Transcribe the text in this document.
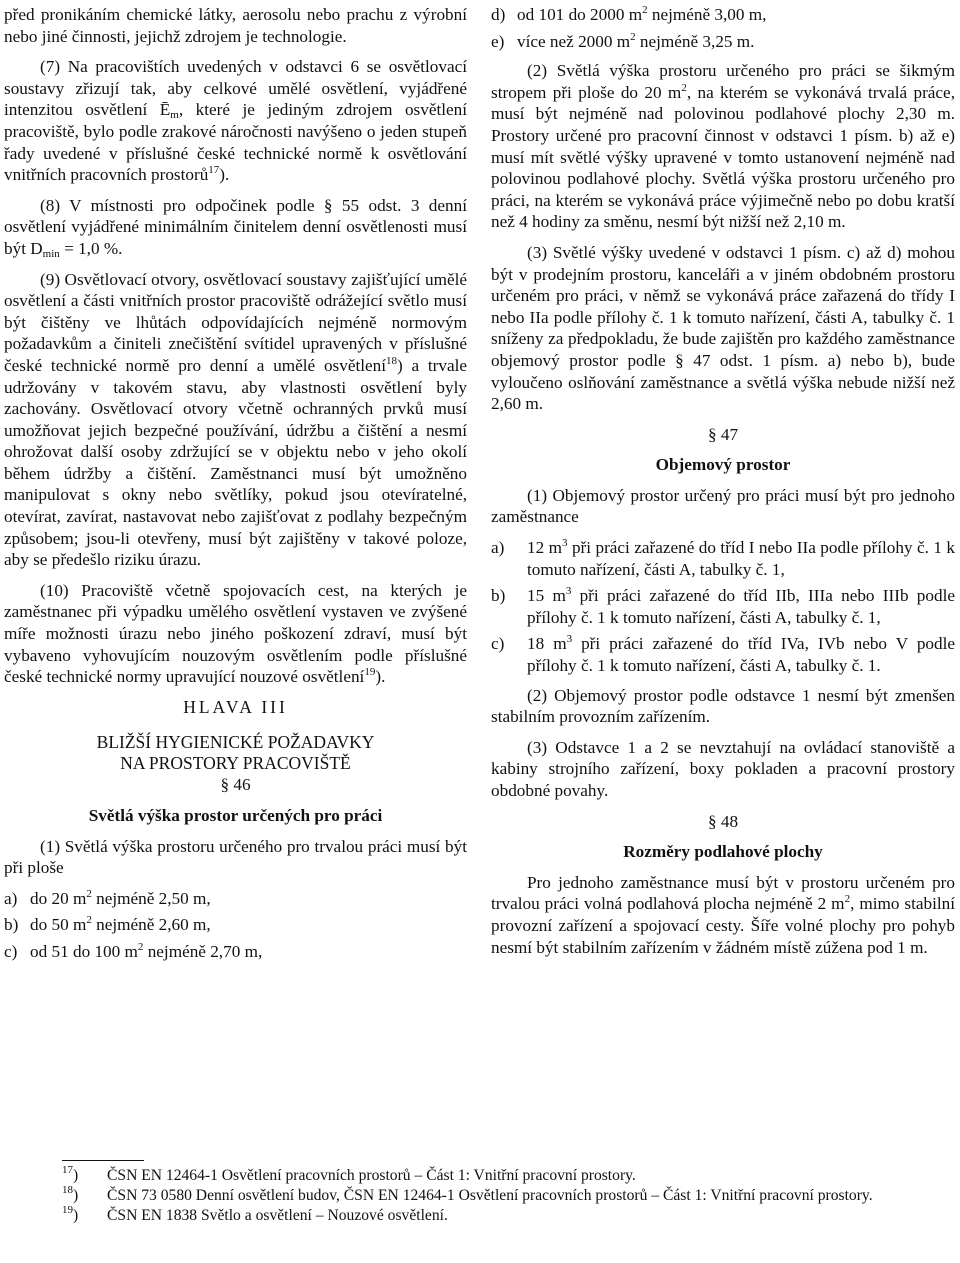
před pronikáním chemické látky, aerosolu nebo prachu z výrobní nebo jiné činnosti, jejichž zdrojem je technologie.

(7) Na pracovištích uvedených v odstavci 6 se osvětlovací soustavy zřizují tak, aby celkové umělé osvětlení, vyjádřené intenzitou osvětlení $Ē_m$, které je jediným zdrojem osvětlení pracoviště, bylo podle zrakové náročnosti navýšeno o jeden stupeň řady uvedené v příslušné české technické normě k osvětlování vnitřních pracovních prostorů$^{17}$).

(8) V místnosti pro odpočinek podle § 55 odst. 3 denní osvětlení vyjádřené minimálním činitelem denní osvětlenosti musí být $D_{min} = 1,0$ %.

(9) Osvětlovací otvory, osvětlovací soustavy zajišťující umělé osvětlení a části vnitřních prostor pracoviště odrážející světlo musí být čištěny ve lhůtách odpovídajících nejméně normovým požadavkům a činiteli znečištění svítidel upravených v příslušné české technické normě pro denní a umělé osvětlení$^{18}$) a trvale udržovány v takovém stavu, aby vlastnosti osvětlení byly zachovány. Osvětlovací otvory včetně ochranných prvků musí umožňovat jejich bezpečné používání, údržbu a čištění a nesmí ohrožovat další osoby zdržující se v objektu nebo v jeho okolí během údržby a čištění. Zaměstnanci musí být umožněno manipulovat s okny nebo světlíky, pokud jsou otevíratelné, otevírat, zavírat, nastavovat nebo zajišťovat z podlahy bezpečným způsobem; jsou-li otevřeny, musí být zajištěny v takové poloze, aby se předešlo riziku úrazu.

(10) Pracoviště včetně spojovacích cest, na kterých je zaměstnanec při výpadku umělého osvětlení vystaven ve zvýšené míře možnosti úrazu nebo jiného poškození zdraví, musí být vybaveno vyhovujícím nouzovým osvětlením podle příslušné české technické normy upravující nouzové osvětlení$^{19}$).

HLAVA III

BLIŽŠÍ HYGIENICKÉ POŽADAVKY
NA PROSTORY PRACOVIŠTĚ

§ 46

Světlá výška prostor určených pro práci

(1) Světlá výška prostoru určeného pro trvalou práci musí být při ploše

a) do 20 $m^2$ nejméně 2,50 m,
b) do 50 $m^2$ nejméně 2,60 m,
c) od 51 do 100 $m^2$ nejméně 2,70 m,
d) od 101 do 2000 $m^2$ nejméně 3,00 m,
e) více než 2000 $m^2$ nejméně 3,25 m.

(2) Světlá výška prostoru určeného pro práci se šikmým stropem při ploše do 20 $m^2$, na kterém se vykonává trvalá práce, musí být nejméně nad polovinou podlahové plochy 2,30 m. Prostory určené pro pracovní činnost v odstavci 1 písm. b) až e) musí mít světlé výšky upravené v tomto ustanovení nejméně nad polovinou podlahové plochy. Světlá výška prostoru určeného pro práci, na kterém se vykonává práce výjimečně nebo po dobu kratší než 4 hodiny za směnu, nesmí být nižší než 2,10 m.

(3) Světlé výšky uvedené v odstavci 1 písm. c) až d) mohou být v prodejním prostoru, kanceláři a v jiném obdobném prostoru určeném pro práci, v němž se vykonává práce zařazená do třídy I nebo IIa podle přílohy č. 1 k tomuto nařízení, části A, tabulky č. 1 sníženy za předpokladu, že bude zajištěn pro každého zaměstnance objemový prostor podle § 47 odst. 1 písm. a) nebo b), bude vyloučeno oslňování zaměstnance a světlá výška nebude nižší než 2,60 m.

§ 47

Objemový prostor

(1) Objemový prostor určený pro práci musí být pro jednoho zaměstnance

a)	12 $m^3$ při práci zařazené do tříd I nebo IIa podle přílohy č. 1 k tomuto nařízení, části A, tabulky č. 1,
b)	15 $m^3$ při práci zařazené do tříd IIb, IIIa nebo IIIb podle přílohy č. 1 k tomuto nařízení, části A, tabulky č. 1,
c)	18 $m^3$ při práci zařazené do tříd IVa, IVb nebo V podle přílohy č. 1 k tomuto nařízení, části A, tabulky č. 1.

(2) Objemový prostor podle odstavce 1 nesmí být zmenšen stabilním provozním zařízením.

(3) Odstavce 1 a 2 se nevztahují na ovládací stanoviště a kabiny strojního zařízení, boxy pokladen a pracovní prostory obdobné povahy.

§ 48

Rozměry podlahové plochy

Pro jednoho zaměstnance musí být v prostoru určeném pro trvalou práci volná podlahová plocha nejméně 2 $m^2$, mimo stabilní provozní zařízení a spojovací cesty. Šíře volné plochy pro pohyb nesmí být stabilním zařízením v žádném místě zúžena pod 1 m.

$^{17}$)	ČSN EN 12464-1 Osvětlení pracovních prostorů – Část 1: Vnitřní pracovní prostory.
$^{18}$)	ČSN 73 0580 Denní osvětlení budov, ČSN EN 12464-1 Osvětlení pracovních prostorů – Část 1: Vnitřní pracovní prostory.
$^{19}$)	ČSN EN 1838 Světlo a osvětlení – Nouzové osvětlení.
